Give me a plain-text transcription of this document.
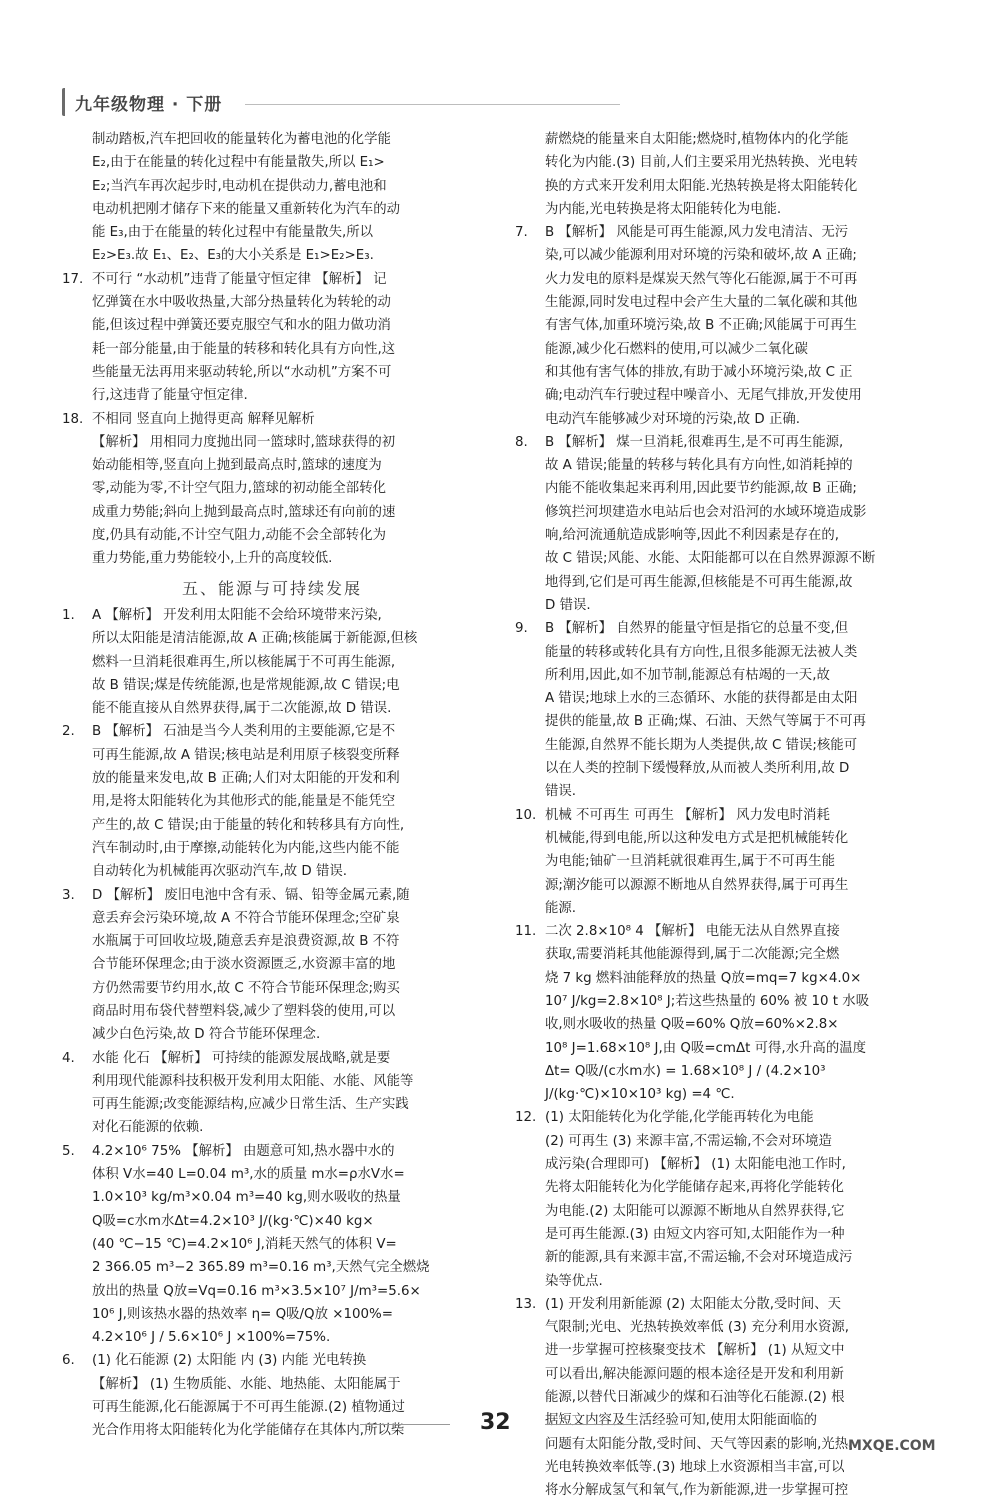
九年级物理 · 下册
制动踏板,汽车把回收的能量转化为蓄电池的化学能
E₂,由于在能量的转化过程中有能量散失,所以 E₁>
E₂;当汽车再次起步时,电动机在提供动力,蓄电池和
电动机把刚才储存下来的能量又重新转化为汽车的动
能 E₃,由于在能量的转化过程中有能量散失,所以
E₂>E₃.故 E₁、E₂、E₃的大小关系是 E₁>E₂>E₃.
17. 不可行 “水动机”违背了能量守恒定律 【解析】 记
忆弹簧在水中吸收热量,大部分热量转化为转轮的动
能,但该过程中弹簧还要克服空气和水的阻力做功消
耗一部分能量,由于能量的转移和转化具有方向性,这
些能量无法再用来驱动转轮,所以“水动机”方案不可
行,这违背了能量守恒定律.
18. 不相同 竖直向上抛得更高 解释见解析
【解析】 用相同力度抛出同一篮球时,篮球获得的初
始动能相等,竖直向上抛到最高点时,篮球的速度为
零,动能为零,不计空气阻力,篮球的初动能全部转化
成重力势能;斜向上抛到最高点时,篮球还有向前的速
度,仍具有动能,不计空气阻力,动能不会全部转化为
重力势能,重力势能较小,上升的高度较低.
五、能源与可持续发展
1.	A 【解析】 开发利用太阳能不会给环境带来污染,
所以太阳能是清洁能源,故 A 正确;核能属于新能源,但核
燃料一旦消耗很难再生,所以核能属于不可再生能源,
故 B 错误;煤是传统能源,也是常规能源,故 C 错误;电
能不能直接从自然界获得,属于二次能源,故 D 错误.
2.	B 【解析】 石油是当今人类利用的主要能源,它是不
可再生能源,故 A 错误;核电站是利用原子核裂变所释
放的能量来发电,故 B 正确;人们对太阳能的开发和利
用,是将太阳能转化为其他形式的能,能量是不能凭空
产生的,故 C 错误;由于能量的转化和转移具有方向性,
汽车制动时,由于摩擦,动能转化为内能,这些内能不能
自动转化为机械能再次驱动汽车,故 D 错误.
3.	D 【解析】 废旧电池中含有汞、镉、铅等金属元素,随
意丢弃会污染环境,故 A 不符合节能环保理念;空矿泉
水瓶属于可回收垃圾,随意丢弃是浪费资源,故 B 不符
合节能环保理念;由于淡水资源匮乏,水资源丰富的地
方仍然需要节约用水,故 C 不符合节能环保理念;购买
商品时用布袋代替塑料袋,减少了塑料袋的使用,可以
减少白色污染,故 D 符合节能环保理念.
4.	水能 化石 【解析】 可持续的能源发展战略,就是要
利用现代能源科技积极开发利用太阳能、水能、风能等
可再生能源;改变能源结构,应减少日常生活、生产实践
对化石能源的依赖.
5.	4.2×10⁶ 75% 【解析】 由题意可知,热水器中水的
体积 V水=40 L=0.04 m³,水的质量 m水=ρ水V水=
1.0×10³ kg/m³×0.04 m³=40 kg,则水吸收的热量
Q吸=c水m水Δt=4.2×10³ J/(kg·℃)×40 kg×
(40 ℃−15 ℃)=4.2×10⁶ J,消耗天然气的体积 V=
2 366.05 m³−2 365.89 m³=0.16 m³,天然气完全燃烧
放出的热量 Q放=Vq=0.16 m³×3.5×10⁷ J/m³=5.6×
10⁶ J,则该热水器的热效率 η= Q吸/Q放 ×100%=
4.2×10⁶ J / 5.6×10⁶ J ×100%=75%.
6.	(1) 化石能源 (2) 太阳能 内 (3) 内能 光电转换
【解析】 (1) 生物质能、水能、地热能、太阳能属于
可再生能源,化石能源属于不可再生能源.(2) 植物通过
光合作用将太阳能转化为化学能储存在其体内,所以柴
薪燃烧的能量来自太阳能;燃烧时,植物体内的化学能
转化为内能.(3) 目前,人们主要采用光热转换、光电转
换的方式来开发利用太阳能.光热转换是将太阳能转化
为内能,光电转换是将太阳能转化为电能.
7.	B 【解析】 风能是可再生能源,风力发电清洁、无污
染,可以减少能源利用对环境的污染和破坏,故 A 正确;
火力发电的原料是煤炭天然气等化石能源,属于不可再
生能源,同时发电过程中会产生大量的二氧化碳和其他
有害气体,加重环境污染,故 B 不正确;风能属于可再生
能源,减少化石燃料的使用,可以减少二氧化碳
和其他有害气体的排放,有助于减小环境污染,故 C 正
确;电动汽车行驶过程中噪音小、无尾气排放,开发使用
电动汽车能够减少对环境的污染,故 D 正确.
8.	B 【解析】 煤一旦消耗,很难再生,是不可再生能源,
故 A 错误;能量的转移与转化具有方向性,如消耗掉的
内能不能收集起来再利用,因此要节约能源,故 B 正确;
修筑拦河坝建造水电站后也会对沿河的水域环境造成影
响,给河流通航造成影响等,因此不利因素是存在的,
故 C 错误;风能、水能、太阳能都可以在自然界源源不断
地得到,它们是可再生能源,但核能是不可再生能源,故
D 错误.
9.	B 【解析】 自然界的能量守恒是指它的总量不变,但
能量的转移或转化具有方向性,且很多能源无法被人类
所利用,因此,如不加节制,能源总有枯竭的一天,故
A 错误;地球上水的三态循环、水能的获得都是由太阳
提供的能量,故 B 正确;煤、石油、天然气等属于不可再
生能源,自然界不能长期为人类提供,故 C 错误;核能可
以在人类的控制下缓慢释放,从而被人类所利用,故 D
错误.
10. 机械 不可再生 可再生 【解析】 风力发电时消耗
机械能,得到电能,所以这种发电方式是把机械能转化
为电能;铀矿一旦消耗就很难再生,属于不可再生能
源;潮汐能可以源源不断地从自然界获得,属于可再生
能源.
11. 二次 2.8×10⁸ 4 【解析】 电能无法从自然界直接
获取,需要消耗其他能源得到,属于二次能源;完全燃
烧 7 kg 燃料油能释放的热量 Q放=mq=7 kg×4.0×
10⁷ J/kg=2.8×10⁸ J;若这些热量的 60% 被 10 t 水吸
收,则水吸收的热量 Q吸=60% Q放=60%×2.8×
10⁸ J=1.68×10⁸ J,由 Q吸=cmΔt 可得,水升高的温度
Δt= Q吸/(c水m水) = 1.68×10⁸ J / (4.2×10³ J/(kg·℃)×10×10³ kg) =4 ℃.
12. (1) 太阳能转化为化学能,化学能再转化为电能
(2) 可再生 (3) 来源丰富,不需运输,不会对环境造
成污染(合理即可) 【解析】 (1) 太阳能电池工作时,
先将太阳能转化为化学能储存起来,再将化学能转化
为电能.(2) 太阳能可以源源不断地从自然界获得,它
是可再生能源.(3) 由短文内容可知,太阳能作为一种
新的能源,具有来源丰富,不需运输,不会对环境造成污
染等优点.
13. (1) 开发利用新能源 (2) 太阳能太分散,受时间、天
气限制;光电、光热转换效率低 (3) 充分利用水资源,
进一步掌握可控核聚变技术 【解析】 (1) 从短文中
可以看出,解决能源问题的根本途径是开发和利用新
能源,以替代日渐减少的煤和石油等化石能源.(2) 根
据短文内容及生活经验可知,使用太阳能面临的
问题有太阳能分散,受时间、天气等因素的影响,光热、
光电转换效率低等.(3) 地球上水资源相当丰富,可以
将水分解成氢气和氧气,作为新能源,进一步掌握可控
32
MXQE.COM
